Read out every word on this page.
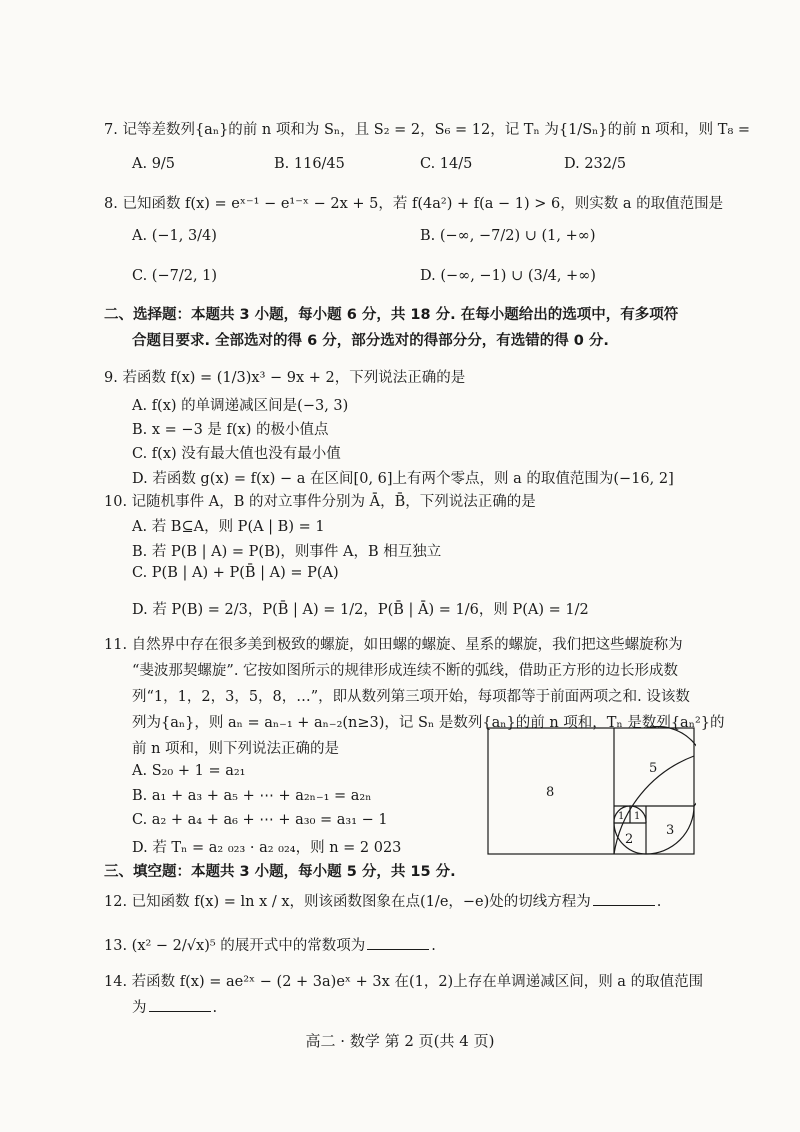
7. 记等差数列{aₙ}的前 n 项和为 Sₙ，且 S₂ = 2，S₆ = 12，记 Tₙ 为{1/Sₙ}的前 n 项和，则 T₈ =
A. 9/5	B. 116/45	C. 14/5	D. 232/5
8. 已知函数 f(x) = eˣ⁻¹ − e¹⁻ˣ − 2x + 5，若 f(4a²) + f(a − 1) > 6，则实数 a 的取值范围是
A. (−1, 3/4)	B. (−∞, −7/2) ∪ (1, +∞)
C. (−7/2, 1)	D. (−∞, −1) ∪ (3/4, +∞)
二、选择题：本题共 3 小题，每小题 6 分，共 18 分. 在每小题给出的选项中，有多项符
合题目要求. 全部选对的得 6 分，部分选对的得部分分，有选错的得 0 分.
9. 若函数 f(x) = (1/3)x³ − 9x + 2，下列说法正确的是
A. f(x) 的单调递减区间是(−3, 3)
B. x = −3 是 f(x) 的极小值点
C. f(x) 没有最大值也没有最小值
D. 若函数 g(x) = f(x) − a 在区间[0, 6]上有两个零点，则 a 的取值范围为(−16, 2]
10. 记随机事件 A，B 的对立事件分别为 Ā，B̄，下列说法正确的是
A. 若 B⊆A，则 P(A | B) = 1
B. 若 P(B | A) = P(B)，则事件 A，B 相互独立
C. P(B | A) + P(B̄ | A) = P(A)
D. 若 P(B) = 2/3，P(B̄ | A) = 1/2，P(B̄ | Ā) = 1/6，则 P(A) = 1/2
11. 自然界中存在很多美到极致的螺旋，如田螺的螺旋、星系的螺旋，我们把这些螺旋称为
“斐波那契螺旋”. 它按如图所示的规律形成连续不断的弧线，借助正方形的边长形成数
列“1，1，2，3，5，8，…”，即从数列第三项开始，每项都等于前面两项之和. 设该数
列为{aₙ}，则 aₙ = aₙ₋₁ + aₙ₋₂(n≥3)，记 Sₙ 是数列{aₙ}的前 n 项和，Tₙ 是数列{aₙ²}的
前 n 项和，则下列说法正确的是
A. S₂₀ + 1 = a₂₁
B. a₁ + a₃ + a₅ + ⋯ + a₂ₙ₋₁ = a₂ₙ
C. a₂ + a₄ + a₆ + ⋯ + a₃₀ = a₃₁ − 1
D. 若 Tₙ = a₂ ₀₂₃ · a₂ ₀₂₄，则 n = 2 023
8
5
3
2
1 1
三、填空题：本题共 3 小题，每小题 5 分，共 15 分.
12. 已知函数 f(x) = ln x / x，则该函数图象在点(1/e，−e)处的切线方程为	.
13. (x² − 2/√x)⁵ 的展开式中的常数项为	.
14. 若函数 f(x) = ae²ˣ − (2 + 3a)eˣ + 3x 在(1，2)上存在单调递减区间，则 a 的取值范围
为	.
高二 · 数学 第 2 页(共 4 页)
